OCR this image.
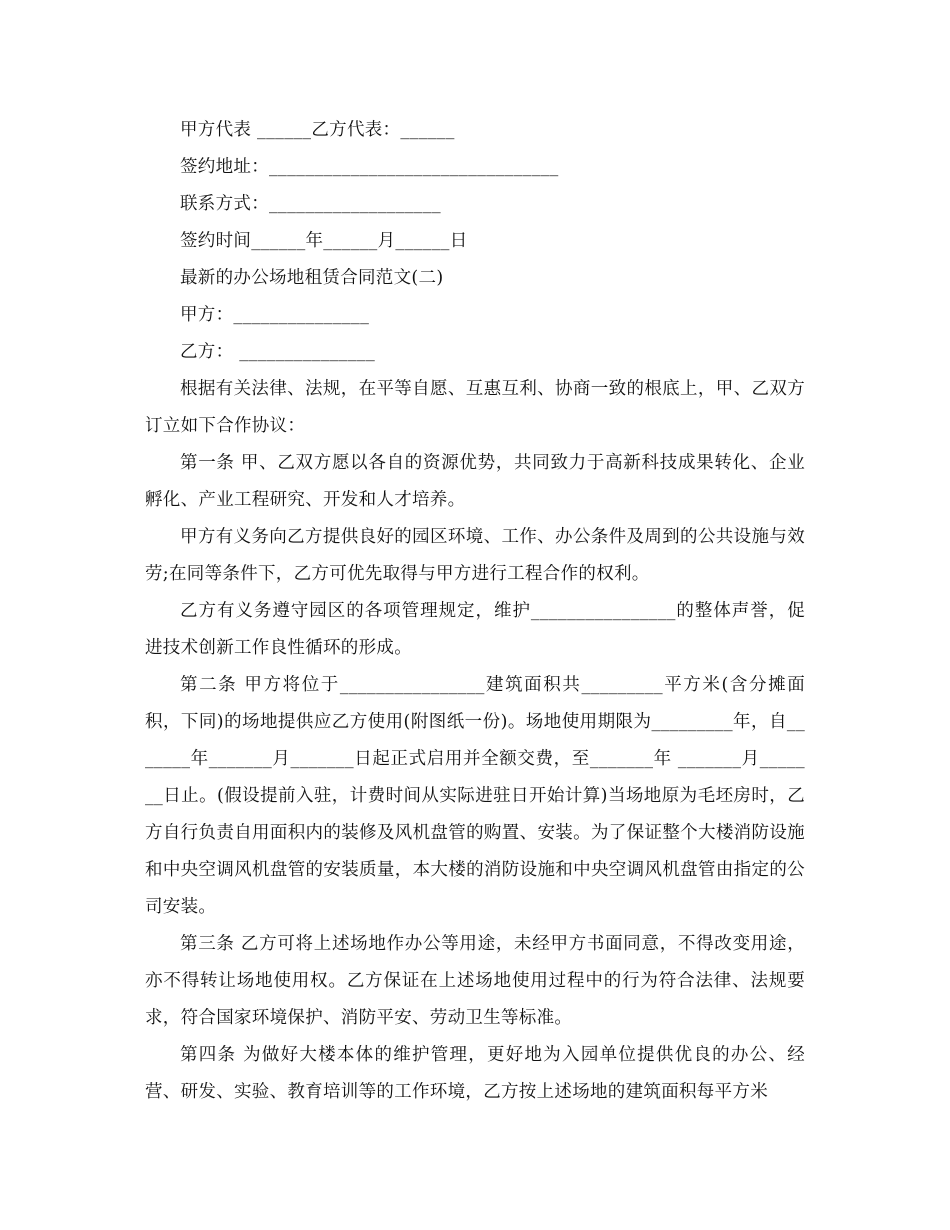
甲方代表 ______乙方代表：______

签约地址：________________________________

联系方式：___________________

签约时间______年______月______日

最新的办公场地租赁合同范文(二)

甲方：_______________

乙方： _______________

根据有关法律、法规，在平等自愿、互惠互利、协商一致的根底上，甲、乙双方订立如下合作协议：

第一条 甲、乙双方愿以各自的资源优势，共同致力于高新科技成果转化、企业孵化、产业工程研究、开发和人才培养。

甲方有义务向乙方提供良好的园区环境、工作、办公条件及周到的公共设施与效劳;在同等条件下，乙方可优先取得与甲方进行工程合作的权利。

乙方有义务遵守园区的各项管理规定，维护________________的整体声誉，促进技术创新工作良性循环的形成。

第二条 甲方将位于________________建筑面积共_________平方米(含分摊面积，下同)的场地提供应乙方使用(附图纸一份)。场地使用期限为_________年，自_______年_______月_______日起正式启用并全额交费，至_______年 _______月_______日止。(假设提前入驻，计费时间从实际进驻日开始计算)当场地原为毛坯房时，乙方自行负责自用面积内的装修及风机盘管的购置、安装。为了保证整个大楼消防设施和中央空调风机盘管的安装质量，本大楼的消防设施和中央空调风机盘管由指定的公司安装。

第三条 乙方可将上述场地作办公等用途，未经甲方书面同意，不得改变用途，亦不得转让场地使用权。乙方保证在上述场地使用过程中的行为符合法律、法规要求，符合国家环境保护、消防平安、劳动卫生等标准。

第四条 为做好大楼本体的维护管理，更好地为入园单位提供优良的办公、经营、研发、实验、教育培训等的工作环境，乙方按上述场地的建筑面积每平方米
